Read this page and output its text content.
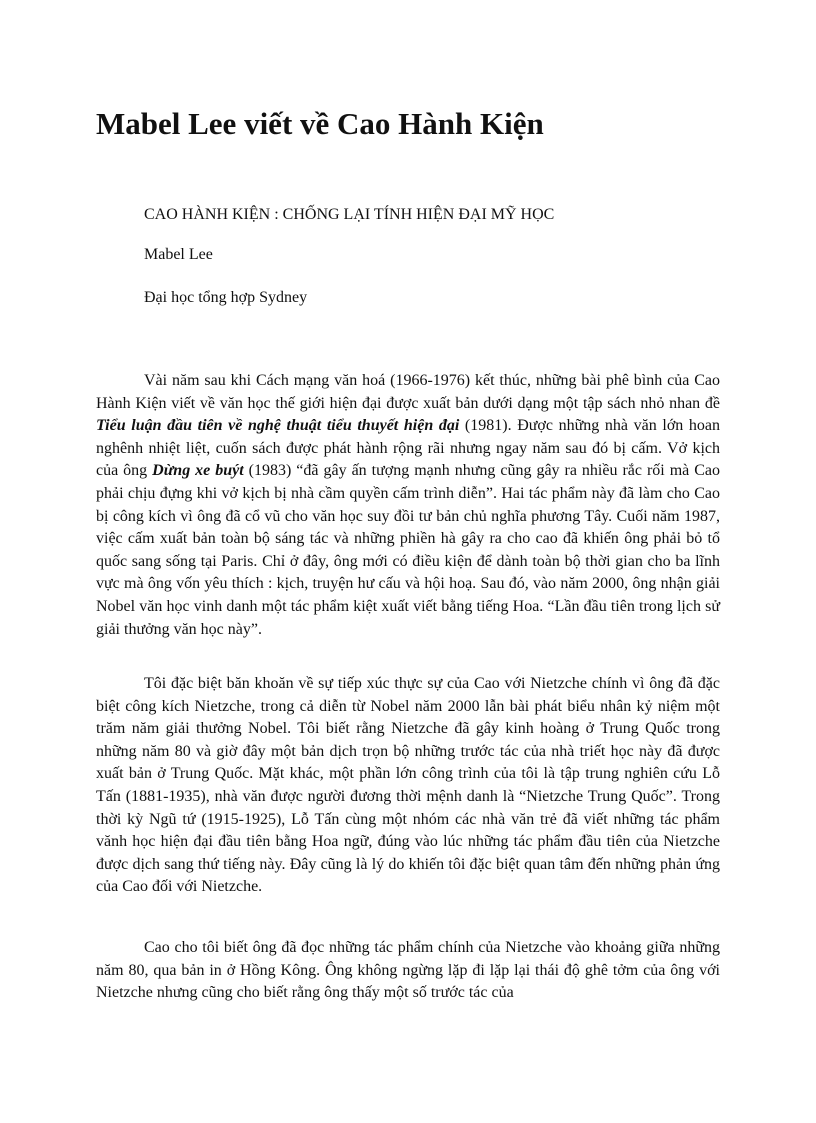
Mabel Lee viết về Cao Hành Kiện
CAO HÀNH KIỆN : CHỐNG LẠI TÍNH HIỆN ĐẠI MỸ HỌC
Mabel Lee
Đại học tổng hợp Sydney

Vài năm sau khi Cách mạng văn hoá (1966-1976) kết thúc, những bài phê bình của Cao Hành Kiện viết về văn học thế giới hiện đại được xuất bản dưới dạng một tập sách nhỏ nhan đề Tiểu luận đầu tiên về nghệ thuật tiểu thuyết hiện đại (1981). Được những nhà văn lớn hoan nghênh nhiệt liệt, cuốn sách được phát hành rộng rãi nhưng ngay năm sau đó bị cấm. Vở kịch của ông Dừng xe buýt (1983) “đã gây ấn tượng mạnh nhưng cũng gây ra nhiều rắc rối mà Cao phải chịu đựng khi vở kịch bị nhà cầm quyền cấm trình diễn”. Hai tác phẩm này đã làm cho Cao bị công kích vì ông đã cổ vũ cho văn học suy đồi tư bản chủ nghĩa phương Tây. Cuối năm 1987, việc cấm xuất bản toàn bộ sáng tác và những phiền hà gây ra cho cao đã khiến ông phải bỏ tổ quốc sang sống tại Paris. Chỉ ở đây, ông mới có điều kiện để dành toàn bộ thời gian cho ba lĩnh vực mà ông vốn yêu thích : kịch, truyện hư cấu và hội hoạ. Sau đó, vào năm 2000, ông nhận giải Nobel văn học vinh danh một tác phẩm kiệt xuất viết bằng tiếng Hoa. “Lần đầu tiên trong lịch sử giải thưởng văn học này”.

Tôi đặc biệt băn khoăn về sự tiếp xúc thực sự của Cao với Nietzche chính vì ông đã đặc biệt công kích Nietzche, trong cả diễn từ Nobel năm 2000 lẫn bài phát biểu nhân kỷ niệm một trăm năm giải thưởng Nobel. Tôi biết rằng Nietzche đã gây kinh hoàng ở Trung Quốc trong những năm 80 và giờ đây một bản dịch trọn bộ những trước tác của nhà triết học này đã được xuất bản ở Trung Quốc. Mặt khác, một phần lớn công trình của tôi là tập trung nghiên cứu Lỗ Tấn (1881-1935), nhà văn được người đương thời mệnh danh là “Nietzche Trung Quốc”. Trong thời kỳ Ngũ tứ (1915-1925), Lỗ Tấn cùng một nhóm các nhà văn trẻ đã viết những tác phẩm vănh học hiện đại đầu tiên bằng Hoa ngữ, đúng vào lúc những tác phẩm đầu tiên của Nietzche được dịch sang thứ tiếng này. Đây cũng là lý do khiến tôi đặc biệt quan tâm đến những phản ứng của Cao đối với Nietzche.

Cao cho tôi biết ông đã đọc những tác phẩm chính của Nietzche vào khoảng giữa những năm 80, qua bản in ở Hồng Kông. Ông không ngừng lặp đi lặp lại thái độ ghê tởm của ông với Nietzche nhưng cũng cho biết rằng ông thấy một số trước tác của
